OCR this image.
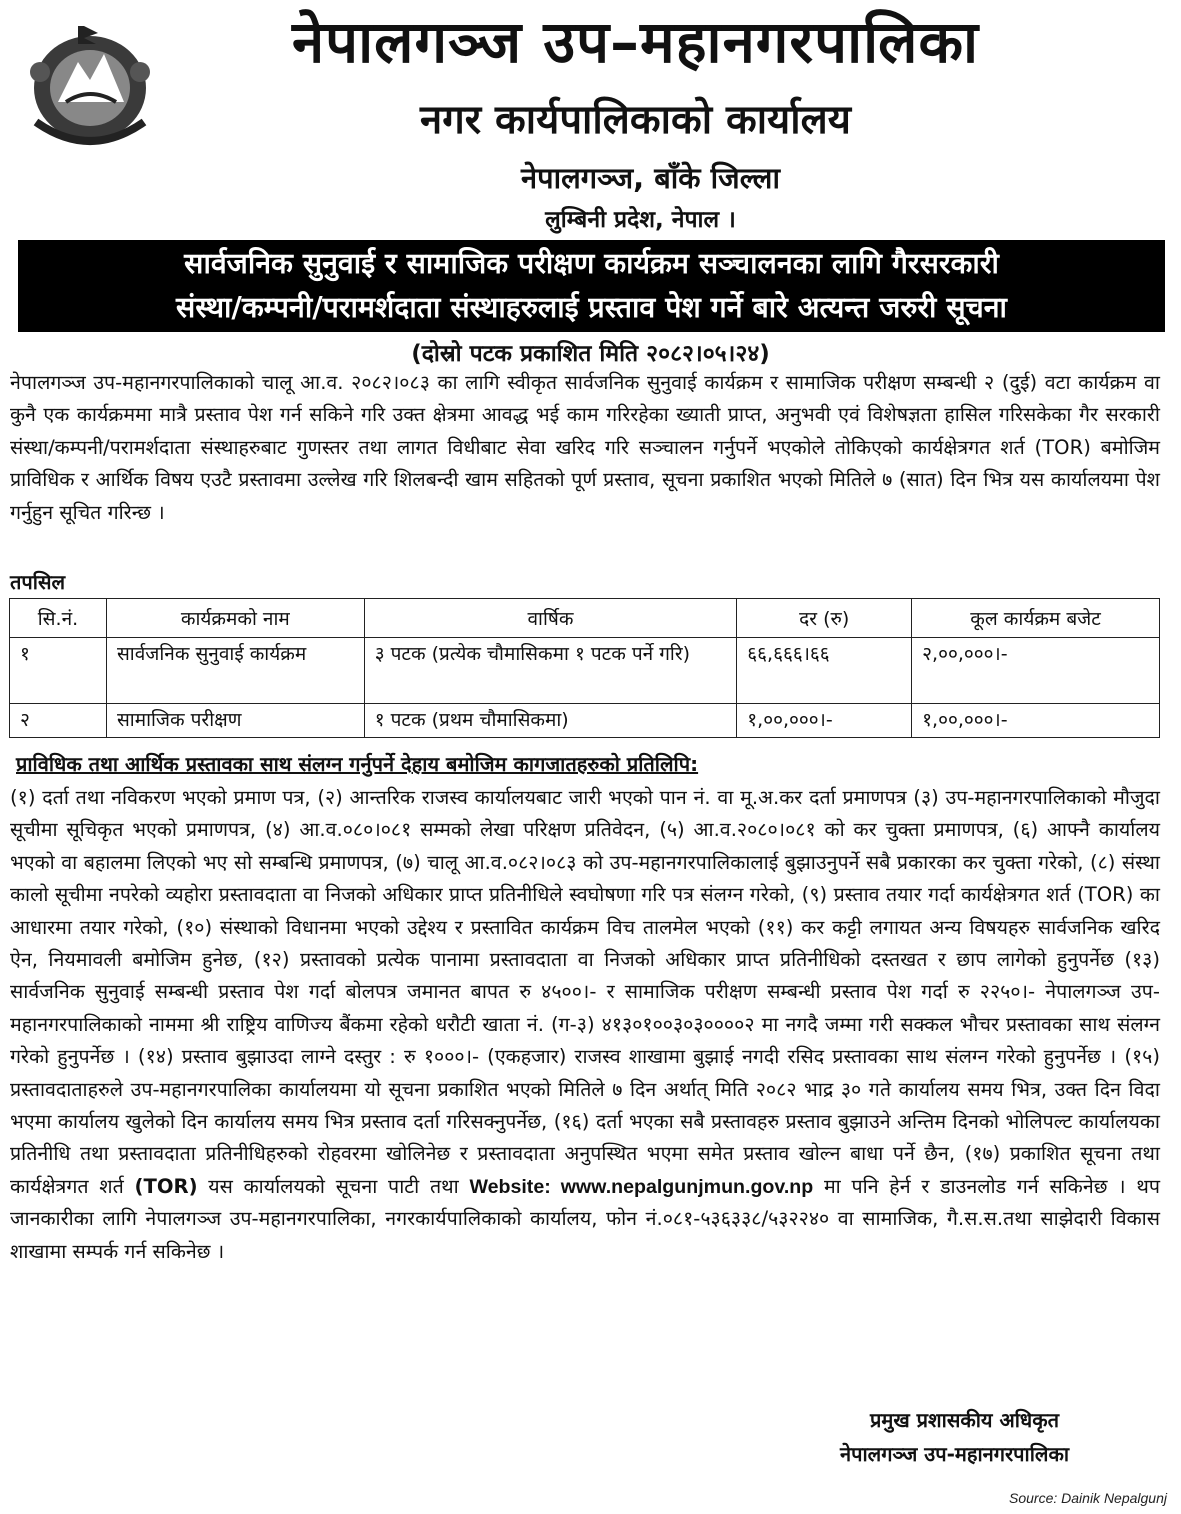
नेपालगञ्ज उप–महानगरपालिका
नगर कार्यपालिकाको कार्यालय
नेपालगञ्ज, बाँके जिल्ला
लुम्बिनी प्रदेश, नेपाल ।
सार्वजनिक सुनुवाई र सामाजिक परीक्षण कार्यक्रम सञ्चालनका लागि गैरसरकारी
संस्था/कम्पनी/परामर्शदाता संस्थाहरुलाई प्रस्ताव पेश गर्ने बारे अत्यन्त जरुरी सूचना
(दोस्रो पटक प्रकाशित मिति २०८२।०५।२४)
नेपालगञ्ज उप-महानगरपालिकाको चालू आ.व. २०८२।०८३ का लागि स्वीकृत सार्वजनिक सुनुवाई कार्यक्रम र सामाजिक परीक्षण सम्बन्धी २ (दुई) वटा कार्यक्रम वा कुनै एक कार्यक्रममा मात्रै प्रस्ताव पेश गर्न सकिने गरि उक्त क्षेत्रमा आवद्ध भई काम गरिरहेका ख्याती प्राप्त, अनुभवी एवं विशेषज्ञता हासिल गरिसकेका गैर सरकारी संस्था/कम्पनी/परामर्शदाता संस्थाहरुबाट गुणस्तर तथा लागत विधीबाट सेवा खरिद गरि सञ्चालन गर्नुपर्ने भएकोले तोकिएको कार्यक्षेत्रगत शर्त (TOR) बमोजिम प्राविधिक र आर्थिक विषय एउटै प्रस्तावमा उल्लेख गरि शिलबन्दी खाम सहितको पूर्ण प्रस्ताव, सूचना प्रकाशित भएको मितिले ७ (सात) दिन भित्र यस कार्यालयमा पेश गर्नुहुन सूचित गरिन्छ ।
तपसिल
सि.नं.	कार्यक्रमको नाम	वार्षिक	दर (रु)	कूल कार्यक्रम बजेट
१	सार्वजनिक सुनुवाई कार्यक्रम	३ पटक (प्रत्येक चौमासिकमा १ पटक पर्ने गरि)	६६,६६६।६६	२,००,०००।-
२	सामाजिक परीक्षण	१ पटक (प्रथम चौमासिकमा)	१,००,०००।-	१,००,०००।-
प्राविधिक तथा आर्थिक प्रस्तावका साथ संलग्न गर्नुपर्ने देहाय बमोजिम कागजातहरुको प्रतिलिपि:
(१) दर्ता तथा नविकरण भएको प्रमाण पत्र, (२) आन्तरिक राजस्व कार्यालयबाट जारी भएको पान नं. वा मू.अ.कर दर्ता प्रमाणपत्र (३) उप-महानगरपालिकाको मौजुदा सूचीमा सूचिकृत भएको प्रमाणपत्र, (४) आ.व.०८०।०८१ सम्मको लेखा परिक्षण प्रतिवेदन, (५) आ.व.२०८०।०८१ को कर चुक्ता प्रमाणपत्र, (६) आफ्नै कार्यालय भएको वा बहालमा लिएको भए सो सम्बन्धि प्रमाणपत्र, (७) चालू आ.व.०८२।०८३ को उप-महानगरपालिकालाई बुझाउनुपर्ने सबै प्रकारका कर चुक्ता गरेको, (८) संस्था कालो सूचीमा नपरेको व्यहोरा प्रस्तावदाता वा निजको अधिकार प्राप्त प्रतिनीधिले स्वघोषणा गरि पत्र संलग्न गरेको, (९) प्रस्ताव तयार गर्दा कार्यक्षेत्रगत शर्त (TOR) का आधारमा तयार गरेको, (१०) संस्थाको विधानमा भएको उद्देश्य र प्रस्तावित कार्यक्रम विच तालमेल भएको (११) कर कट्टी लगायत अन्य विषयहरु सार्वजनिक खरिद ऐन, नियमावली बमोजिम हुनेछ, (१२) प्रस्तावको प्रत्येक पानामा प्रस्तावदाता वा निजको अधिकार प्राप्त प्रतिनीधिको दस्तखत र छाप लागेको हुनुपर्नेछ (१३) सार्वजनिक सुनुवाई सम्बन्धी प्रस्ताव पेश गर्दा बोलपत्र जमानत बापत रु ४५००।- र सामाजिक परीक्षण सम्बन्धी प्रस्ताव पेश गर्दा रु २२५०।- नेपालगञ्ज उप-महानगरपालिकाको नाममा श्री राष्ट्रिय वाणिज्य बैंकमा रहेको धरौटी खाता नं. (ग-३) ४१३०१००३०३००००२ मा नगदै जम्मा गरी सक्कल भौचर प्रस्तावका साथ संलग्न गरेको हुनुपर्नेछ । (१४) प्रस्ताव बुझाउदा लाग्ने दस्तुर : रु १०००।- (एकहजार) राजस्व शाखामा बुझाई नगदी रसिद प्रस्तावका साथ संलग्न गरेको हुनुपर्नेछ । (१५) प्रस्तावदाताहरुले उप-महानगरपालिका कार्यालयमा यो सूचना प्रकाशित भएको मितिले ७ दिन अर्थात् मिति २०८२ भाद्र ३० गते कार्यालय समय भित्र, उक्त दिन विदा भएमा कार्यालय खुलेको दिन कार्यालय समय भित्र प्रस्ताव दर्ता गरिसक्नुपर्नेछ, (१६) दर्ता भएका सबै प्रस्तावहरु प्रस्ताव बुझाउने अन्तिम दिनको भोलिपल्ट कार्यालयका प्रतिनीधि तथा प्रस्तावदाता प्रतिनीधिहरुको रोहवरमा खोलिनेछ र प्रस्तावदाता अनुपस्थित भएमा समेत प्रस्ताव खोल्न बाधा पर्ने छैन, (१७) प्रकाशित सूचना तथा कार्यक्षेत्रगत शर्त (TOR) यस कार्यालयको सूचना पाटी तथा Website: www.nepalgunjmun.gov.np मा पनि हेर्न र डाउनलोड गर्न सकिनेछ । थप जानकारीका लागि नेपालगञ्ज उप-महानगरपालिका, नगरकार्यपालिकाको कार्यालय, फोन नं.०८१-५३६३३८/५३२२४० वा सामाजिक, गै.स.स.तथा साझेदारी विकास शाखामा सम्पर्क गर्न सकिनेछ ।
प्रमुख प्रशासकीय अधिकृत
नेपालगञ्ज उप-महानगरपालिका
Source: Dainik Nepalgunj
